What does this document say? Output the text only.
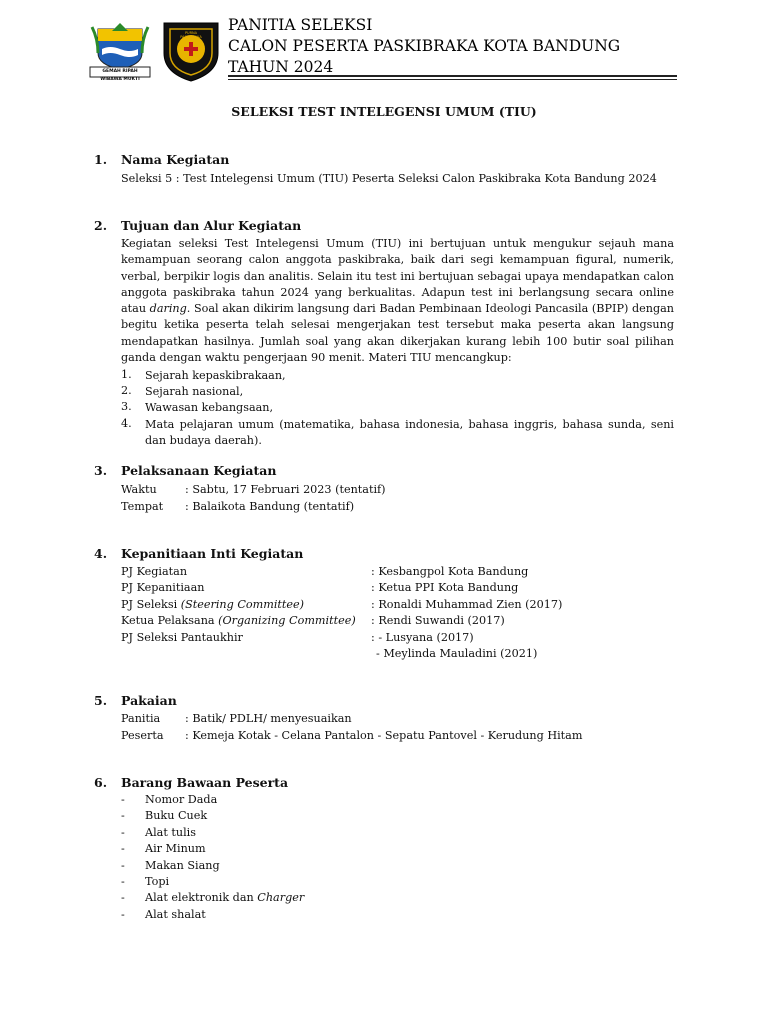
GEMAH RIPAH WIBAWA MUKTI
PURNA PASKIBRAKA INDONESIA
PANITIA SELEKSI
CALON PESERTA PASKIBRAKA KOTA BANDUNG
TAHUN 2024
SELEKSI TEST INTELEGENSI UMUM (TIU)
1. Nama Kegiatan
Seleksi 5 : Test Intelegensi Umum (TIU) Peserta Seleksi Calon Paskibraka Kota Bandung 2024
2. Tujuan dan Alur Kegiatan
Kegiatan seleksi Test Intelegensi Umum (TIU) ini bertujuan untuk mengukur sejauh mana kemampuan seorang calon anggota paskibraka, baik dari segi kemampuan figural, numerik, verbal, berpikir logis dan analitis. Selain itu test ini bertujuan sebagai upaya mendapatkan calon anggota paskibraka tahun 2024 yang berkualitas. Adapun test ini berlangsung secara online atau daring. Soal akan dikirim langsung dari Badan Pembinaan Ideologi Pancasila (BPIP) dengan begitu ketika peserta telah selesai mengerjakan test tersebut maka peserta akan langsung mendapatkan hasilnya. Jumlah soal yang akan dikerjakan kurang lebih 100 butir soal pilihan ganda dengan waktu pengerjaan 90 menit. Materi TIU mencangkup:
1. Sejarah kepaskibrakaan,
2. Sejarah nasional,
3. Wawasan kebangsaan,
4. Mata pelajaran umum (matematika, bahasa indonesia, bahasa inggris, bahasa sunda, seni dan budaya daerah).
3. Pelaksanaan Kegiatan
Waktu	: Sabtu, 17 Februari 2023 (tentatif)
Tempat : Balaikota Bandung (tentatif)
4. Kepanitiaan Inti Kegiatan
PJ Kegiatan	: Kesbangpol Kota Bandung
PJ Kepanitiaan	: Ketua PPI Kota Bandung
PJ Seleksi (Steering Committee)	: Ronaldi Muhammad Zien (2017)
Ketua Pelaksana (Organizing Committee) : Rendi Suwandi (2017)
PJ Seleksi Pantaukhir	: - Lusyana (2017)
- Meylinda Mauladini (2021)
5. Pakaian
Panitia : Batik/ PDLH/ menyesuaikan
Peserta : Kemeja Kotak - Celana Pantalon - Sepatu Pantovel - Kerudung Hitam
6. Barang Bawaan Peserta
- Nomor Dada
- Buku Cuek
- Alat tulis
- Air Minum
- Makan Siang
- Topi
- Alat elektronik dan Charger
- Alat shalat
